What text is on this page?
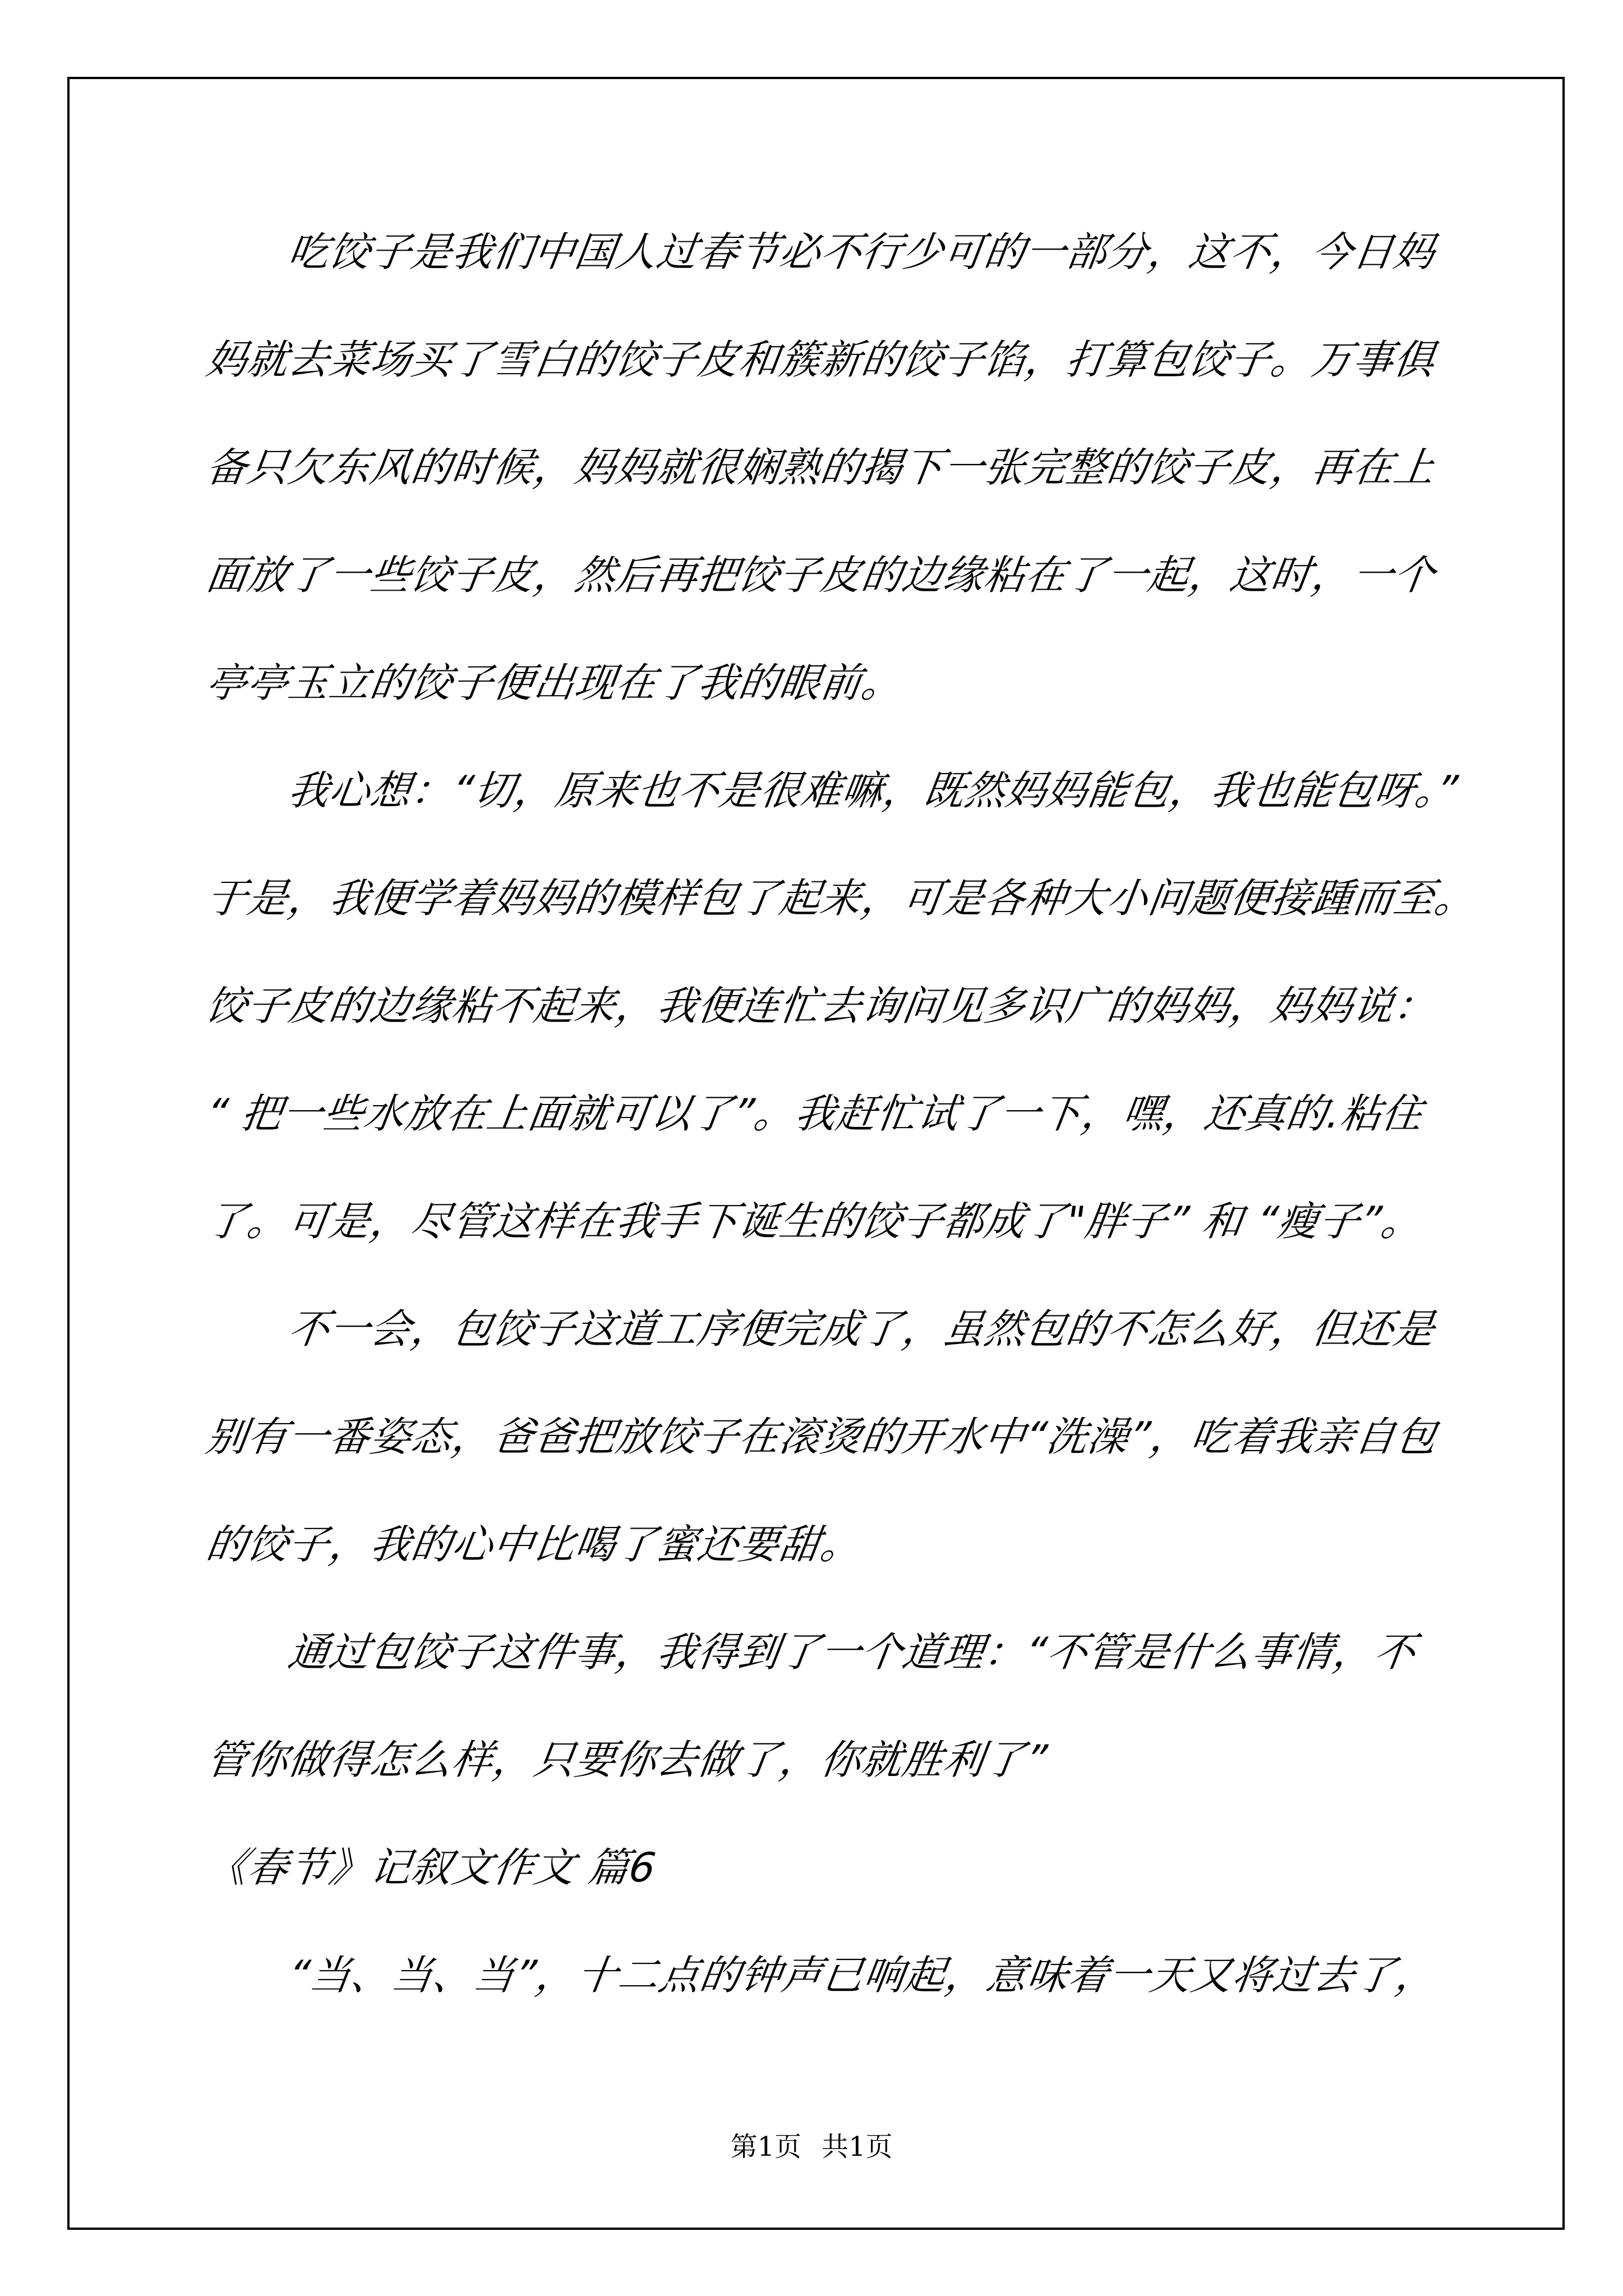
吃饺子是我们中国人过春节必不行少可的一部分，这不，今日妈
妈就去菜场买了雪白的饺子皮和簇新的饺子馅，打算包饺子。万事俱
备只欠东风的时候，妈妈就很娴熟的揭下一张完整的饺子皮，再在上
面放了一些饺子皮，然后再把饺子皮的边缘粘在了一起，这时，一个
亭亭玉立的饺子便出现在了我的眼前。
我心想：“切，原来也不是很难嘛，既然妈妈能包，我也能包呀。”
于是，我便学着妈妈的模样包了起来，可是各种大小问题便接踵而至。
饺子皮的边缘粘不起来，我便连忙去询问见多识广的妈妈，妈妈说：
“ 把一些水放在上面就可以了”。我赶忙试了一下，嘿，还真的.粘住
了。可是，尽管这样在我手下诞生的饺子都成了"胖子” 和 “瘦子”。
不一会，包饺子这道工序便完成了，虽然包的不怎么好，但还是
别有一番姿态，爸爸把放饺子在滚烫的开水中“洗澡”，吃着我亲自包
的饺子，我的心中比喝了蜜还要甜。
通过包饺子这件事，我得到了一个道理：“不管是什么事情，不
管你做得怎么样，只要你去做了，你就胜利了”
《春节》记叙文作文 篇6
“当、当、当”，十二点的钟声已响起，意味着一天又将过去了，
第1页 共1页
